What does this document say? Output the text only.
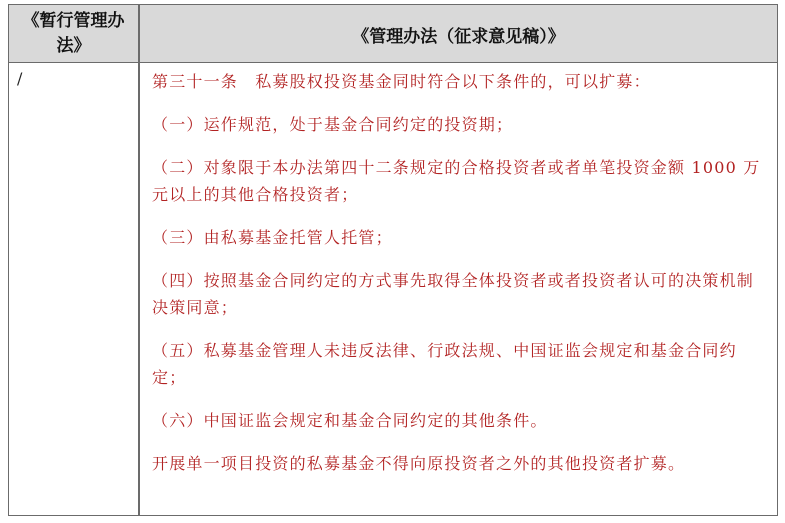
《暂行管理办法》	《管理办法（征求意见稿）》
/	第三十一条　私募股权投资基金同时符合以下条件的，可以扩募：

（一）运作规范，处于基金合同约定的投资期；

（二）对象限于本办法第四十二条规定的合格投资者或者单笔投资金额 1000 万元以上的其他合格投资者；

（三）由私募基金托管人托管；

（四）按照基金合同约定的方式事先取得全体投资者或者投资者认可的决策机制决策同意；

（五）私募基金管理人未违反法律、行政法规、中国证监会规定和基金合同约定；

（六）中国证监会规定和基金合同约定的其他条件。

开展单一项目投资的私募基金不得向原投资者之外的其他投资者扩募。
